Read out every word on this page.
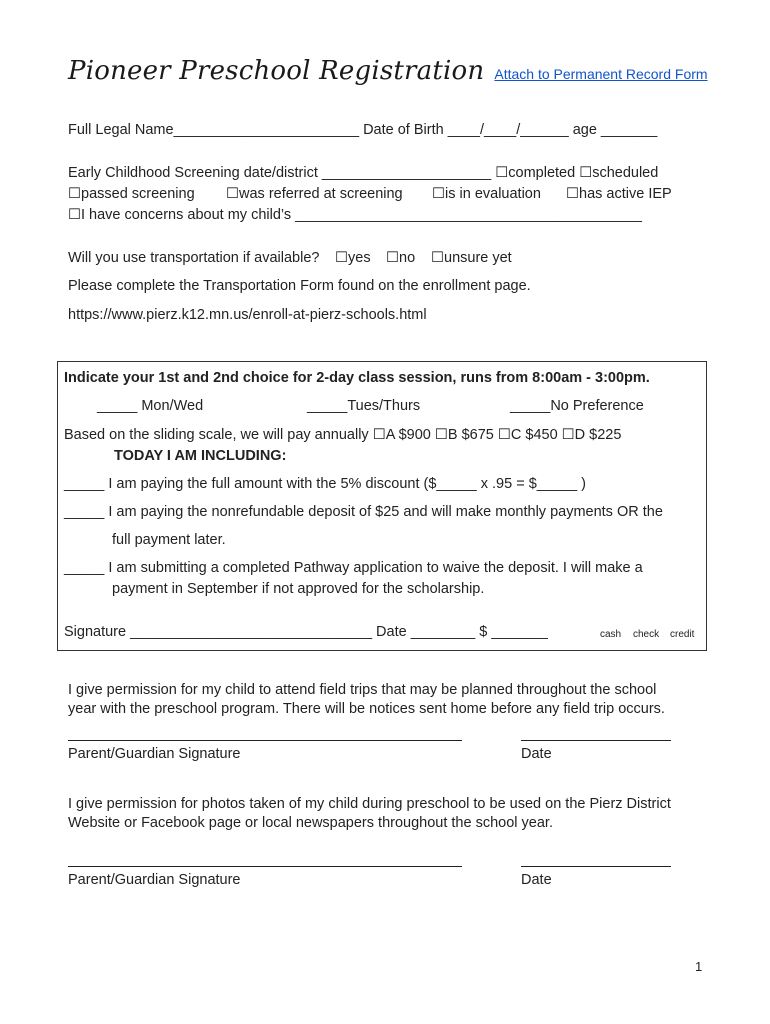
Pioneer Preschool Registration Attach to Permanent Record Form
Full Legal Name_______________________ Date of Birth ____/____/______ age _______
Early Childhood Screening date/district _____________________ ☐completed ☐scheduled
☐passed screening ☐was referred at screening ☐is in evaluation ☐has active IEP
☐I have concerns about my child’s ___________________________________________
Will you use transportation if available? ☐yes ☐no ☐unsure yet
Please complete the Transportation Form found on the enrollment page.
https://www.pierz.k12.mn.us/enroll-at-pierz-schools.html
Indicate your 1st and 2nd choice for 2-day class session, runs from 8:00am - 3:00pm.
_____ Mon/Wed	_____Tues/Thurs	_____No Preference
Based on the sliding scale, we will pay annually ☐A $900 ☐B $675 ☐C $450 ☐D $225
TODAY I AM INCLUDING:
_____ I am paying the full amount with the 5% discount ($_____ x .95 = $_____ )
_____ I am paying the nonrefundable deposit of $25 and will make monthly payments OR the
full payment later.
_____ I am submitting a completed Pathway application to waive the deposit. I will make a
payment in September if not approved for the scholarship.
Signature ______________________________ Date ________ $ _______	cash check credit
I give permission for my child to attend field trips that may be planned throughout the school
year with the preschool program. There will be notices sent home before any field trip occurs.
Parent/Guardian Signature	Date
I give permission for photos taken of my child during preschool to be used on the Pierz District
Website or Facebook page or local newspapers throughout the school year.
Parent/Guardian Signature	Date
1
